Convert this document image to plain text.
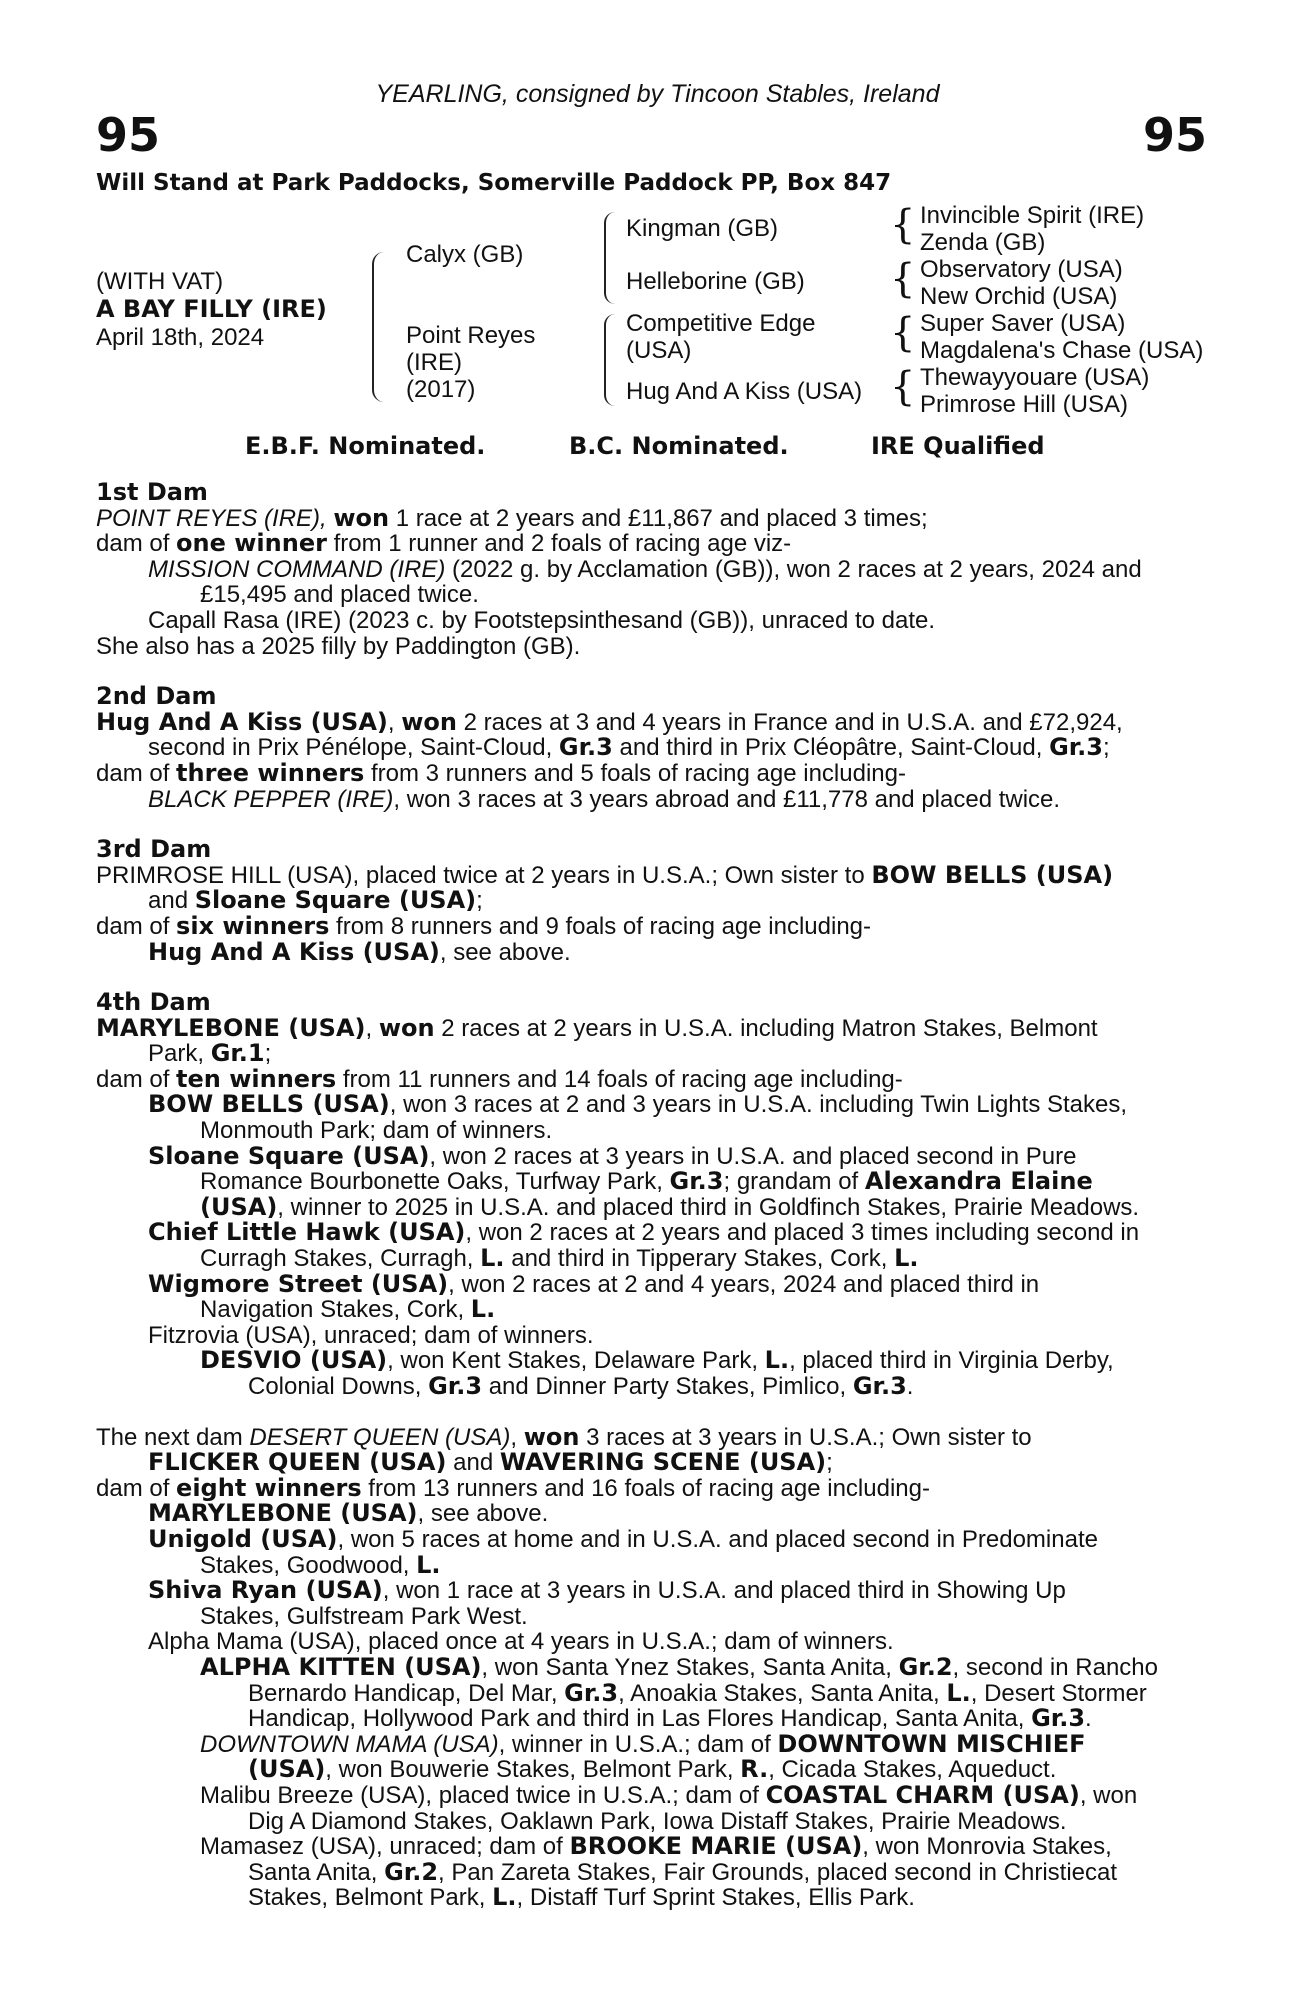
YEARLING, consigned by Tincoon Stables, Ireland
95	95
Will Stand at Park Paddocks, Somerville Paddock PP, Box 847
(WITH VAT)
A BAY FILLY (IRE)
April 18th, 2024
Calyx (GB)
Point Reyes
(IRE)
(2017)
Kingman (GB)
Helleborine (GB)
Competitive Edge
(USA)
Hug And A Kiss (USA)
{
{
{
{
Invincible Spirit (IRE)
Zenda (GB)
Observatory (USA)
New Orchid (USA)
Super Saver (USA)
Magdalena's Chase (USA)
Thewayyouare (USA)
Primrose Hill (USA)
E.B.F. Nominated.	B.C. Nominated.	IRE Qualified
1st Dam
POINT REYES (IRE), won 1 race at 2 years and £11,867 and placed 3 times;
dam of one winner from 1 runner and 2 foals of racing age viz-
MISSION COMMAND (IRE) (2022 g. by Acclamation (GB)), won 2 races at 2 years, 2024 and
£15,495 and placed twice.
Capall Rasa (IRE) (2023 c. by Footstepsinthesand (GB)), unraced to date.
She also has a 2025 filly by Paddington (GB).
2nd Dam
Hug And A Kiss (USA), won 2 races at 3 and 4 years in France and in U.S.A. and £72,924,
second in Prix Pénélope, Saint-Cloud, Gr.3 and third in Prix Cléopâtre, Saint-Cloud, Gr.3;
dam of three winners from 3 runners and 5 foals of racing age including-
BLACK PEPPER (IRE), won 3 races at 3 years abroad and £11,778 and placed twice.
3rd Dam
PRIMROSE HILL (USA), placed twice at 2 years in U.S.A.; Own sister to BOW BELLS (USA)
and Sloane Square (USA);
dam of six winners from 8 runners and 9 foals of racing age including-
Hug And A Kiss (USA), see above.
4th Dam
MARYLEBONE (USA), won 2 races at 2 years in U.S.A. including Matron Stakes, Belmont
Park, Gr.1;
dam of ten winners from 11 runners and 14 foals of racing age including-
BOW BELLS (USA), won 3 races at 2 and 3 years in U.S.A. including Twin Lights Stakes,
Monmouth Park; dam of winners.
Sloane Square (USA), won 2 races at 3 years in U.S.A. and placed second in Pure
Romance Bourbonette Oaks, Turfway Park, Gr.3; grandam of Alexandra Elaine
(USA), winner to 2025 in U.S.A. and placed third in Goldfinch Stakes, Prairie Meadows.
Chief Little Hawk (USA), won 2 races at 2 years and placed 3 times including second in
Curragh Stakes, Curragh, L. and third in Tipperary Stakes, Cork, L.
Wigmore Street (USA), won 2 races at 2 and 4 years, 2024 and placed third in
Navigation Stakes, Cork, L.
Fitzrovia (USA), unraced; dam of winners.
DESVIO (USA), won Kent Stakes, Delaware Park, L., placed third in Virginia Derby,
Colonial Downs, Gr.3 and Dinner Party Stakes, Pimlico, Gr.3.
The next dam DESERT QUEEN (USA), won 3 races at 3 years in U.S.A.; Own sister to
FLICKER QUEEN (USA) and WAVERING SCENE (USA);
dam of eight winners from 13 runners and 16 foals of racing age including-
MARYLEBONE (USA), see above.
Unigold (USA), won 5 races at home and in U.S.A. and placed second in Predominate
Stakes, Goodwood, L.
Shiva Ryan (USA), won 1 race at 3 years in U.S.A. and placed third in Showing Up
Stakes, Gulfstream Park West.
Alpha Mama (USA), placed once at 4 years in U.S.A.; dam of winners.
ALPHA KITTEN (USA), won Santa Ynez Stakes, Santa Anita, Gr.2, second in Rancho
Bernardo Handicap, Del Mar, Gr.3, Anoakia Stakes, Santa Anita, L., Desert Stormer
Handicap, Hollywood Park and third in Las Flores Handicap, Santa Anita, Gr.3.
DOWNTOWN MAMA (USA), winner in U.S.A.; dam of DOWNTOWN MISCHIEF
(USA), won Bouwerie Stakes, Belmont Park, R., Cicada Stakes, Aqueduct.
Malibu Breeze (USA), placed twice in U.S.A.; dam of COASTAL CHARM (USA), won
Dig A Diamond Stakes, Oaklawn Park, Iowa Distaff Stakes, Prairie Meadows.
Mamasez (USA), unraced; dam of BROOKE MARIE (USA), won Monrovia Stakes,
Santa Anita, Gr.2, Pan Zareta Stakes, Fair Grounds, placed second in Christiecat
Stakes, Belmont Park, L., Distaff Turf Sprint Stakes, Ellis Park.
